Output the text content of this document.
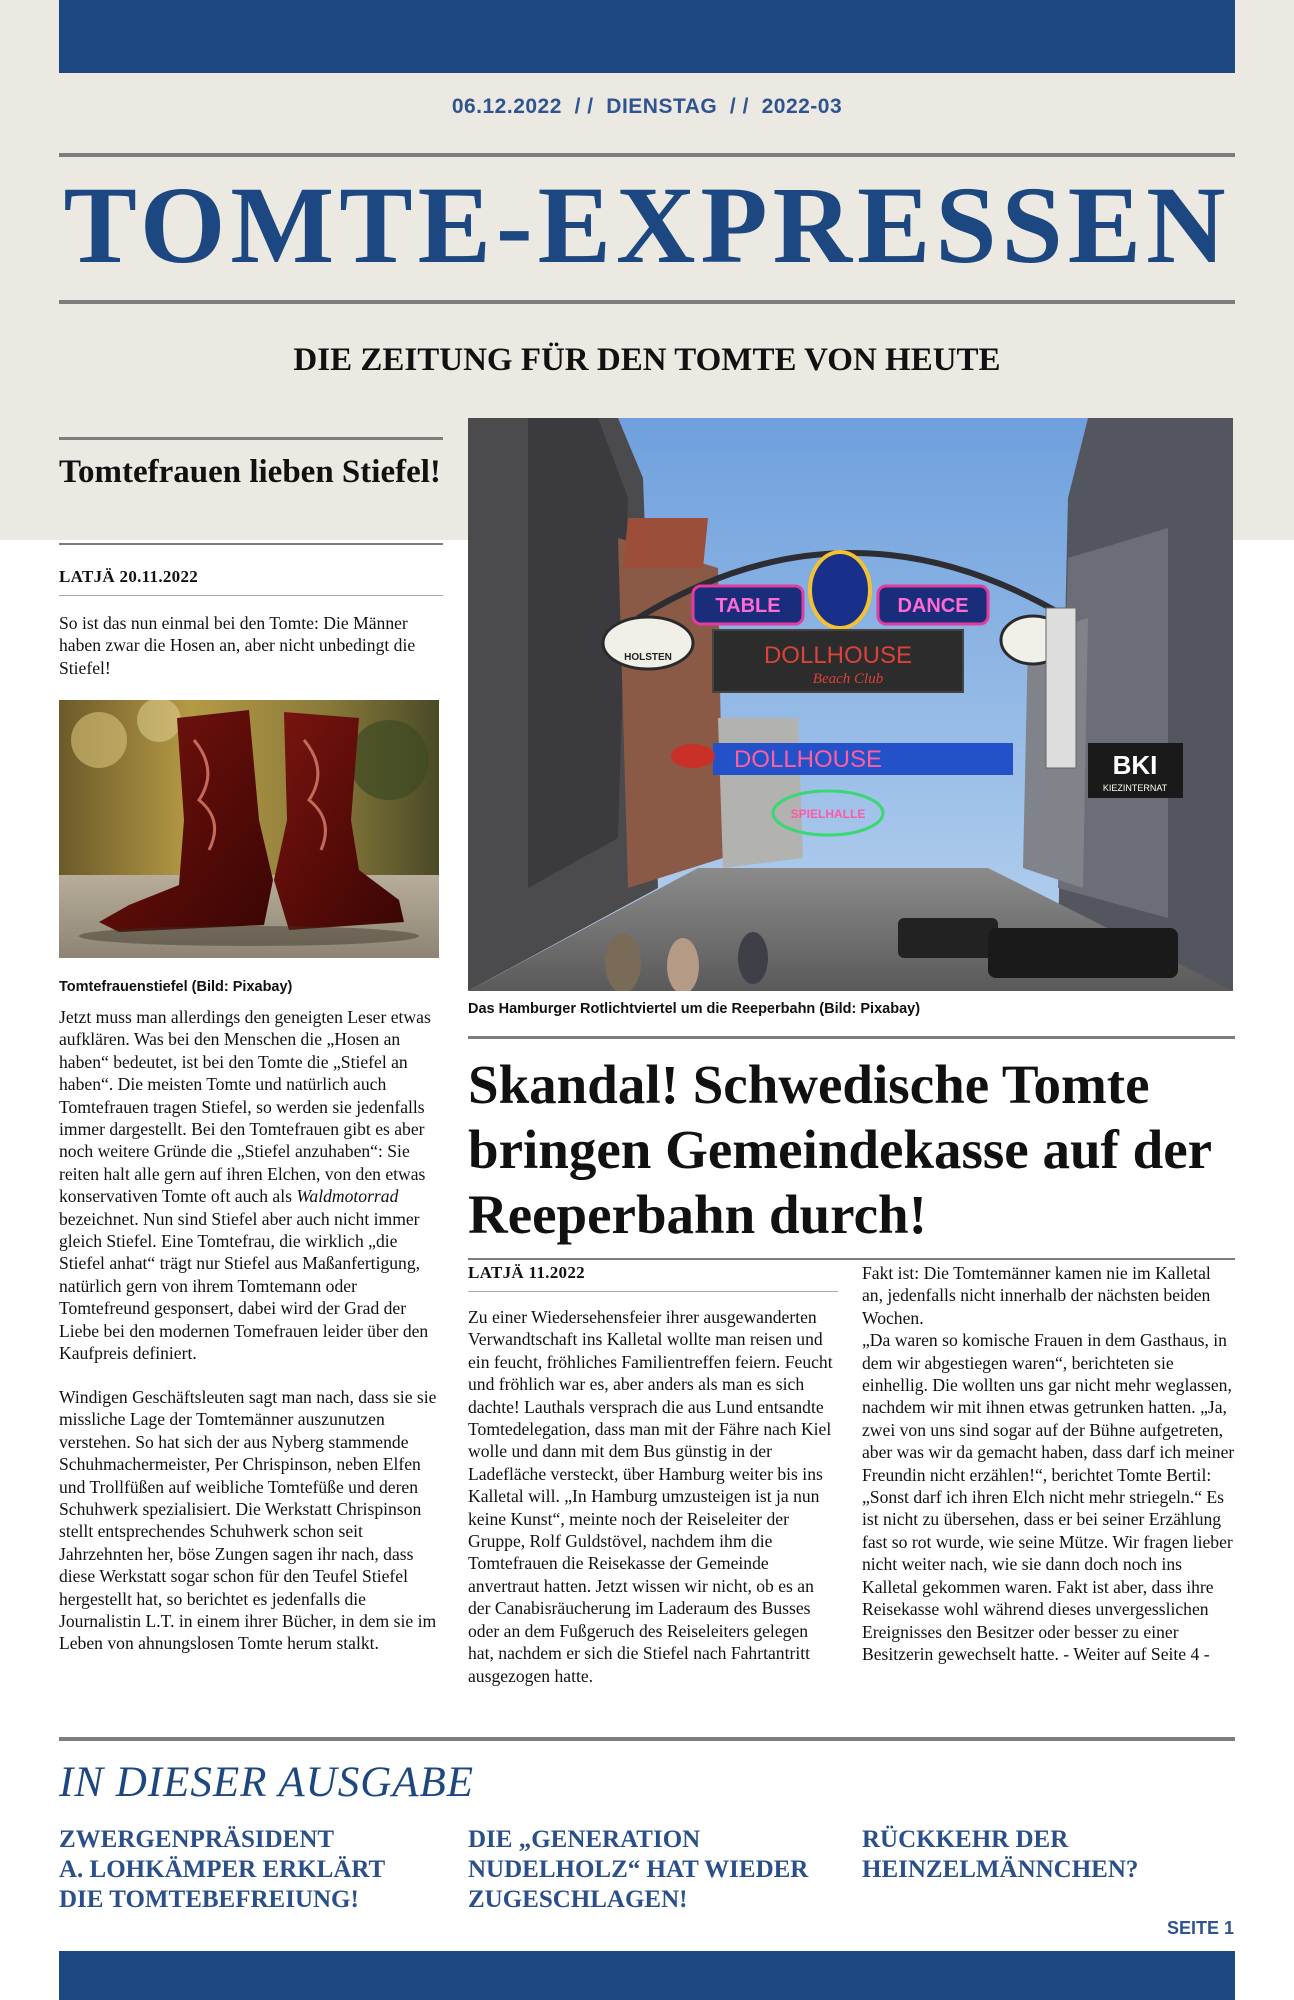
06.12.2022 / / DIENSTAG / / 2022-03
TOMTE-EXPRESSEN
DIE ZEITUNG FÜR DEN TOMTE VON HEUTE
Tomtefrauen lieben Stiefel!
LATJÄ 20.11.2022
So ist das nun einmal bei den Tomte: Die Männer haben zwar die Hosen an, aber nicht unbedingt die Stiefel!
Tomtefrauenstiefel (Bild: Pixabay)
Jetzt muss man allerdings den geneigten Leser etwas aufklären. Was bei den Menschen die „Hosen an haben“ bedeutet, ist bei den Tomte die „Stiefel an haben“. Die meisten Tomte und natürlich auch Tomtefrauen tragen Stiefel, so werden sie jedenfalls immer dargestellt. Bei den Tomtefrauen gibt es aber noch weitere Gründe die „Stiefel anzuhaben“: Sie reiten halt alle gern auf ihren Elchen, von den etwas konservativen Tomte oft auch als Waldmotorrad bezeichnet. Nun sind Stiefel aber auch nicht immer gleich Stiefel. Eine Tomtefrau, die wirklich „die Stiefel anhat“ trägt nur Stiefel aus Maßanfertigung, natürlich gern von ihrem Tomtemann oder Tomtefreund gesponsert, dabei wird der Grad der Liebe bei den modernen Tomefrauen leider über den Kaufpreis definiert.
Windigen Geschäftsleuten sagt man nach, dass sie sie missliche Lage der Tomtemänner auszunutzen verstehen. So hat sich der aus Nyberg stammende Schuhmachermeister, Per Chrispinson, neben Elfen und Trollfüßen auf weibliche Tomtefüße und deren Schuhwerk spezialisiert. Die Werkstatt Chrispinson stellt entsprechendes Schuhwerk schon seit Jahrzehnten her, böse Zungen sagen ihr nach, dass diese Werkstatt sogar schon für den Teufel Stiefel hergestellt hat, so berichtet es jedenfalls die Journalistin L.T. in einem ihrer Bücher, in dem sie im Leben von ahnungslosen Tomte herum stalkt.
TABLE	DANCE
DOLLHOUSE
Beach Club
HOLSTEN
DOLLHOUSE
SPIELHALLE
BKI
KIEZINTERNAT
Das Hamburger Rotlichtviertel um die Reeperbahn (Bild: Pixabay)
Skandal! Schwedische Tomte bringen Gemeindekasse auf der Reeperbahn durch!
LATJÄ 11.2022
Zu einer Wiedersehensfeier ihrer ausgewanderten Verwandtschaft ins Kalletal wollte man reisen und ein feucht, fröhliches Familientreffen feiern. Feucht und fröhlich war es, aber anders als man es sich dachte! Lauthals versprach die aus Lund entsandte Tomtedelegation, dass man mit der Fähre nach Kiel wolle und dann mit dem Bus günstig in der Ladefläche versteckt, über Hamburg weiter bis ins Kalletal will. „In Hamburg umzusteigen ist ja nun keine Kunst“, meinte noch der Reiseleiter der Gruppe, Rolf Guldstövel, nachdem ihm die Tomtefrauen die Reisekasse der Gemeinde anvertraut hatten. Jetzt wissen wir nicht, ob es an der Canabisräucherung im Laderaum des Busses oder an dem Fußgeruch des Reiseleiters gelegen hat, nachdem er sich die Stiefel nach Fahrtantritt ausgezogen hatte.
Fakt ist: Die Tomtemänner kamen nie im Kalletal an, jedenfalls nicht innerhalb der nächsten beiden Wochen.
„Da waren so komische Frauen in dem Gasthaus, in dem wir abgestiegen waren“, berichteten sie einhellig. Die wollten uns gar nicht mehr weglassen, nachdem wir mit ihnen etwas getrunken hatten. „Ja, zwei von uns sind sogar auf der Bühne aufgetreten, aber was wir da gemacht haben, dass darf ich meiner Freundin nicht erzählen!“, berichtet Tomte Bertil: „Sonst darf ich ihren Elch nicht mehr striegeln.“ Es ist nicht zu übersehen, dass er bei seiner Erzählung fast so rot wurde, wie seine Mütze. Wir fragen lieber nicht weiter nach, wie sie dann doch noch ins Kalletal gekommen waren. Fakt ist aber, dass ihre Reisekasse wohl während dieses unvergesslichen Ereignisses den Besitzer oder besser zu einer Besitzerin gewechselt hatte. - Weiter auf Seite 4 -
IN DIESER AUSGABE
ZWERGENPRÄSIDENT
A. LOHKÄMPER ERKLÄRT
DIE TOMTEBEFREIUNG!
DIE „GENERATION
NUDELHOLZ“ HAT WIEDER
ZUGESCHLAGEN!
RÜCKKEHR DER
HEINZELMÄNNCHEN?
SEITE 1
